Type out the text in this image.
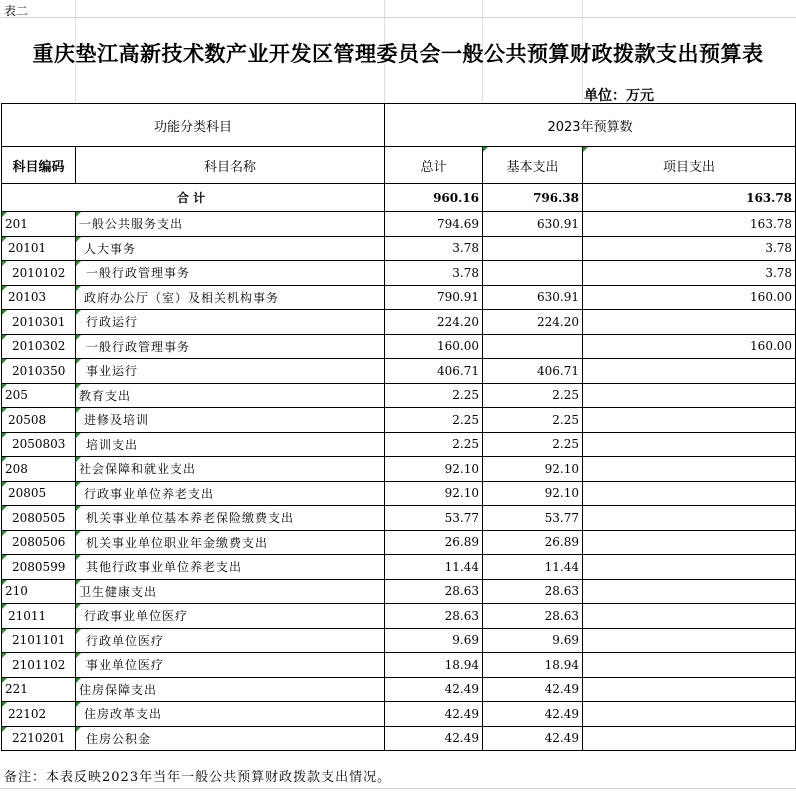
表二
重庆垫江高新技术数产业开发区管理委员会一般公共预算财政拨款支出预算表
单位：万元
功能分类科目		2023年预算数		
科目编码	科目名称	总计	基本支出	项目支出
合计		960.16	796.38	163.78
201	一般公共服务支出	794.69	630.91	163.78
20101	人大事务	3.78		3.78
2010102	一般行政管理事务	3.78		3.78
20103	政府办公厅（室）及相关机构事务	790.91	630.91	160.00
2010301	行政运行	224.20	224.20	
2010302	一般行政管理事务	160.00		160.00
2010350	事业运行	406.71	406.71	
205	教育支出	2.25	2.25	
20508	进修及培训	2.25	2.25	
2050803	培训支出	2.25	2.25	
208	社会保障和就业支出	92.10	92.10	
20805	行政事业单位养老支出	92.10	92.10	
2080505	机关事业单位基本养老保险缴费支出	53.77	53.77	
2080506	机关事业单位职业年金缴费支出	26.89	26.89	
2080599	其他行政事业单位养老支出	11.44	11.44	
210	卫生健康支出	28.63	28.63	
21011	行政事业单位医疗	28.63	28.63	
2101101	行政单位医疗	9.69	9.69	
2101102	事业单位医疗	18.94	18.94	
221	住房保障支出	42.49	42.49	
22102	住房改革支出	42.49	42.49	
2210201	住房公积金	42.49	42.49	
备注：本表反映2023年当年一般公共预算财政拨款支出情况。
